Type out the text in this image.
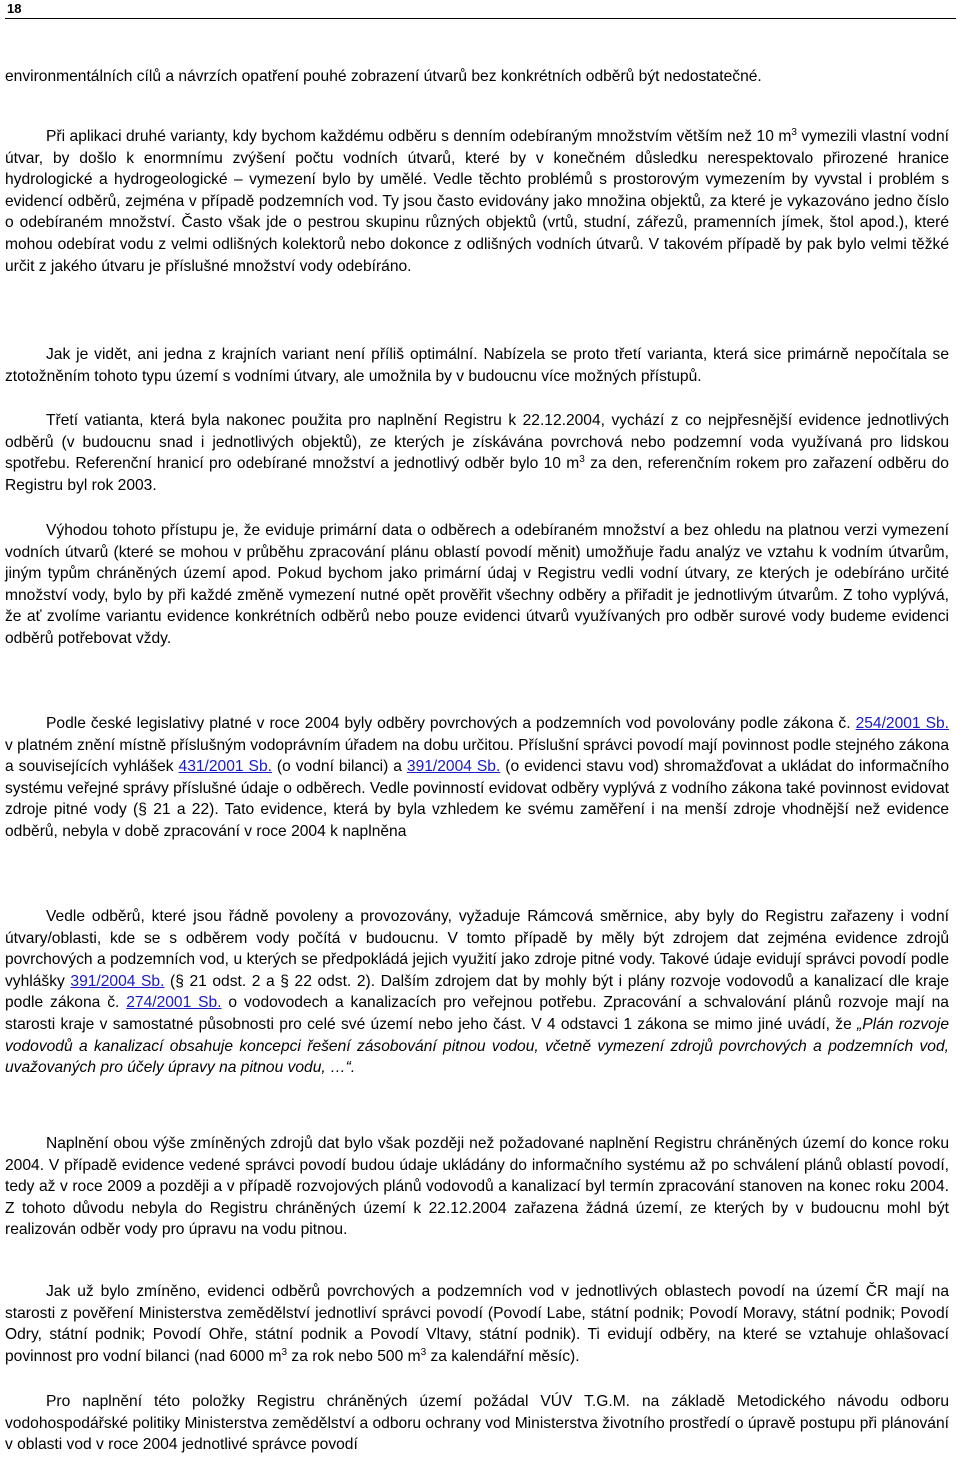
18

environmentálních cílů a návrzích opatření pouhé zobrazení útvarů bez konkrétních odběrů být nedostatečné.

Při aplikaci druhé varianty, kdy bychom každému odběru s denním odebíraným množstvím větším než 10 $m^3$ vymezili vlastní vodní útvar, by došlo k enormnímu zvýšení počtu vodních útvarů, které by v konečném důsledku nerespektovalo přirozené hranice hydrologické a hydrogeologické – vymezení bylo by umělé. Vedle těchto problémů s prostorovým vymezením by vyvstal i problém s evidencí odběrů, zejména v případě podzemních vod. Ty jsou často evidovány jako množina objektů, za které je vykazováno jedno číslo o odebíraném množství. Často však jde o pestrou skupinu různých objektů (vrtů, studní, zářezů, pramenních jímek, štol apod.), které mohou odebírat vodu z velmi odlišných kolektorů nebo dokonce z odlišných vodních útvarů. V takovém případě by pak bylo velmi těžké určit z jakého útvaru je příslušné množství vody odebíráno.

Jak je vidět, ani jedna z krajních variant není příliš optimální. Nabízela se proto třetí varianta, která sice primárně nepočítala se ztotožněním tohoto typu území s vodními útvary, ale umožnila by v budoucnu více možných přístupů.

Třetí vatianta, která byla nakonec použita pro naplnění Registru k 22.12.2004, vychází z co nejpřesnější evidence jednotlivých odběrů (v budoucnu snad i jednotlivých objektů), ze kterých je získávána povrchová nebo podzemní voda využívaná pro lidskou spotřebu. Referenční hranicí pro odebírané množství a jednotlivý odběr bylo 10 $m^3$ za den, referenčním rokem pro zařazení odběru do Registru byl rok 2003.

Výhodou tohoto přístupu je, že eviduje primární data o odběrech a odebíraném množství a bez ohledu na platnou verzi vymezení vodních útvarů (které se mohou v průběhu zpracování plánu oblastí povodí měnit) umožňuje řadu analýz ve vztahu k vodním útvarům, jiným typům chráněných území apod. Pokud bychom jako primární údaj v Registru vedli vodní útvary, ze kterých je odebíráno určité množství vody, bylo by při každé změně vymezení nutné opět prověřit všechny odběry a přiřadit je jednotlivým útvarům. Z toho vyplývá, že ať zvolíme variantu evidence konkrétních odběrů nebo pouze evidenci útvarů využívaných pro odběr surové vody budeme evidenci odběrů potřebovat vždy.

Podle české legislativy platné v roce 2004 byly odběry povrchových a podzemních vod povolovány podle zákona č. 254/2001 Sb. v platném znění místně příslušným vodoprávním úřadem na dobu určitou. Příslušní správci povodí mají povinnost podle stejného zákona a souvisejících vyhlášek 431/2001 Sb. (o vodní bilanci) a 391/2004 Sb. (o evidenci stavu vod) shromažďovat a ukládat do informačního systému veřejné správy příslušné údaje o odběrech. Vedle povinností evidovat odběry vyplývá z vodního zákona také povinnost evidovat zdroje pitné vody (§ 21 a 22). Tato evidence, která by byla vzhledem ke svému zaměření i na menší zdroje vhodnější než evidence odběrů, nebyla v době zpracování v roce 2004 k naplněna

Vedle odběrů, které jsou řádně povoleny a provozovány, vyžaduje Rámcová směrnice, aby byly do Registru zařazeny i vodní útvary/oblasti, kde se s odběrem vody počítá v budoucnu. V tomto případě by měly být zdrojem dat zejména evidence zdrojů povrchových a podzemních vod, u kterých se předpokládá jejich využití jako zdroje pitné vody. Takové údaje evidují správci povodí podle vyhlášky 391/2004 Sb. (§ 21 odst. 2 a § 22 odst. 2). Dalším zdrojem dat by mohly být i plány rozvoje vodovodů a kanalizací dle kraje podle zákona č. 274/2001 Sb. o vodovodech a kanalizacích pro veřejnou potřebu. Zpracování a schvalování plánů rozvoje mají na starosti kraje v samostatné působnosti pro celé své území nebo jeho část. V 4 odstavci 1 zákona se mimo jiné uvádí, že „Plán rozvoje vodovodů a kanalizací obsahuje koncepci řešení zásobování pitnou vodou, včetně vymezení zdrojů povrchových a podzemních vod, uvažovaných pro účely úpravy na pitnou vodu, …“.

Naplnění obou výše zmíněných zdrojů dat bylo však později než požadované naplnění Registru chráněných území do konce roku 2004. V případě evidence vedené správci povodí budou údaje ukládány do informačního systému až po schválení plánů oblastí povodí, tedy až v roce 2009 a později a v případě rozvojových plánů vodovodů a kanalizací byl termín zpracování stanoven na konec roku 2004. Z tohoto důvodu nebyla do Registru chráněných území k 22.12.2004 zařazena žádná území, ze kterých by v budoucnu mohl být realizován odběr vody pro úpravu na vodu pitnou.

Jak už bylo zmíněno, evidenci odběrů povrchových a podzemních vod v jednotlivých oblastech povodí na území ČR mají na starosti z pověření Ministerstva zemědělství jednotliví správci povodí (Povodí Labe, státní podnik; Povodí Moravy, státní podnik; Povodí Odry, státní podnik; Povodí Ohře, státní podnik a Povodí Vltavy, státní podnik). Ti evidují odběry, na které se vztahuje ohlašovací povinnost pro vodní bilanci (nad 6000 $m^3$ za rok nebo 500 $m^3$ za kalendářní měsíc).

Pro naplnění této položky Registru chráněných území požádal VÚV T.G.M. na základě Metodického návodu odboru vodohospodářské politiky Ministerstva zemědělství a odboru ochrany vod Ministerstva životního prostředí o úpravě postupu při plánování v oblasti vod v roce 2004 jednotlivé správce povodí
